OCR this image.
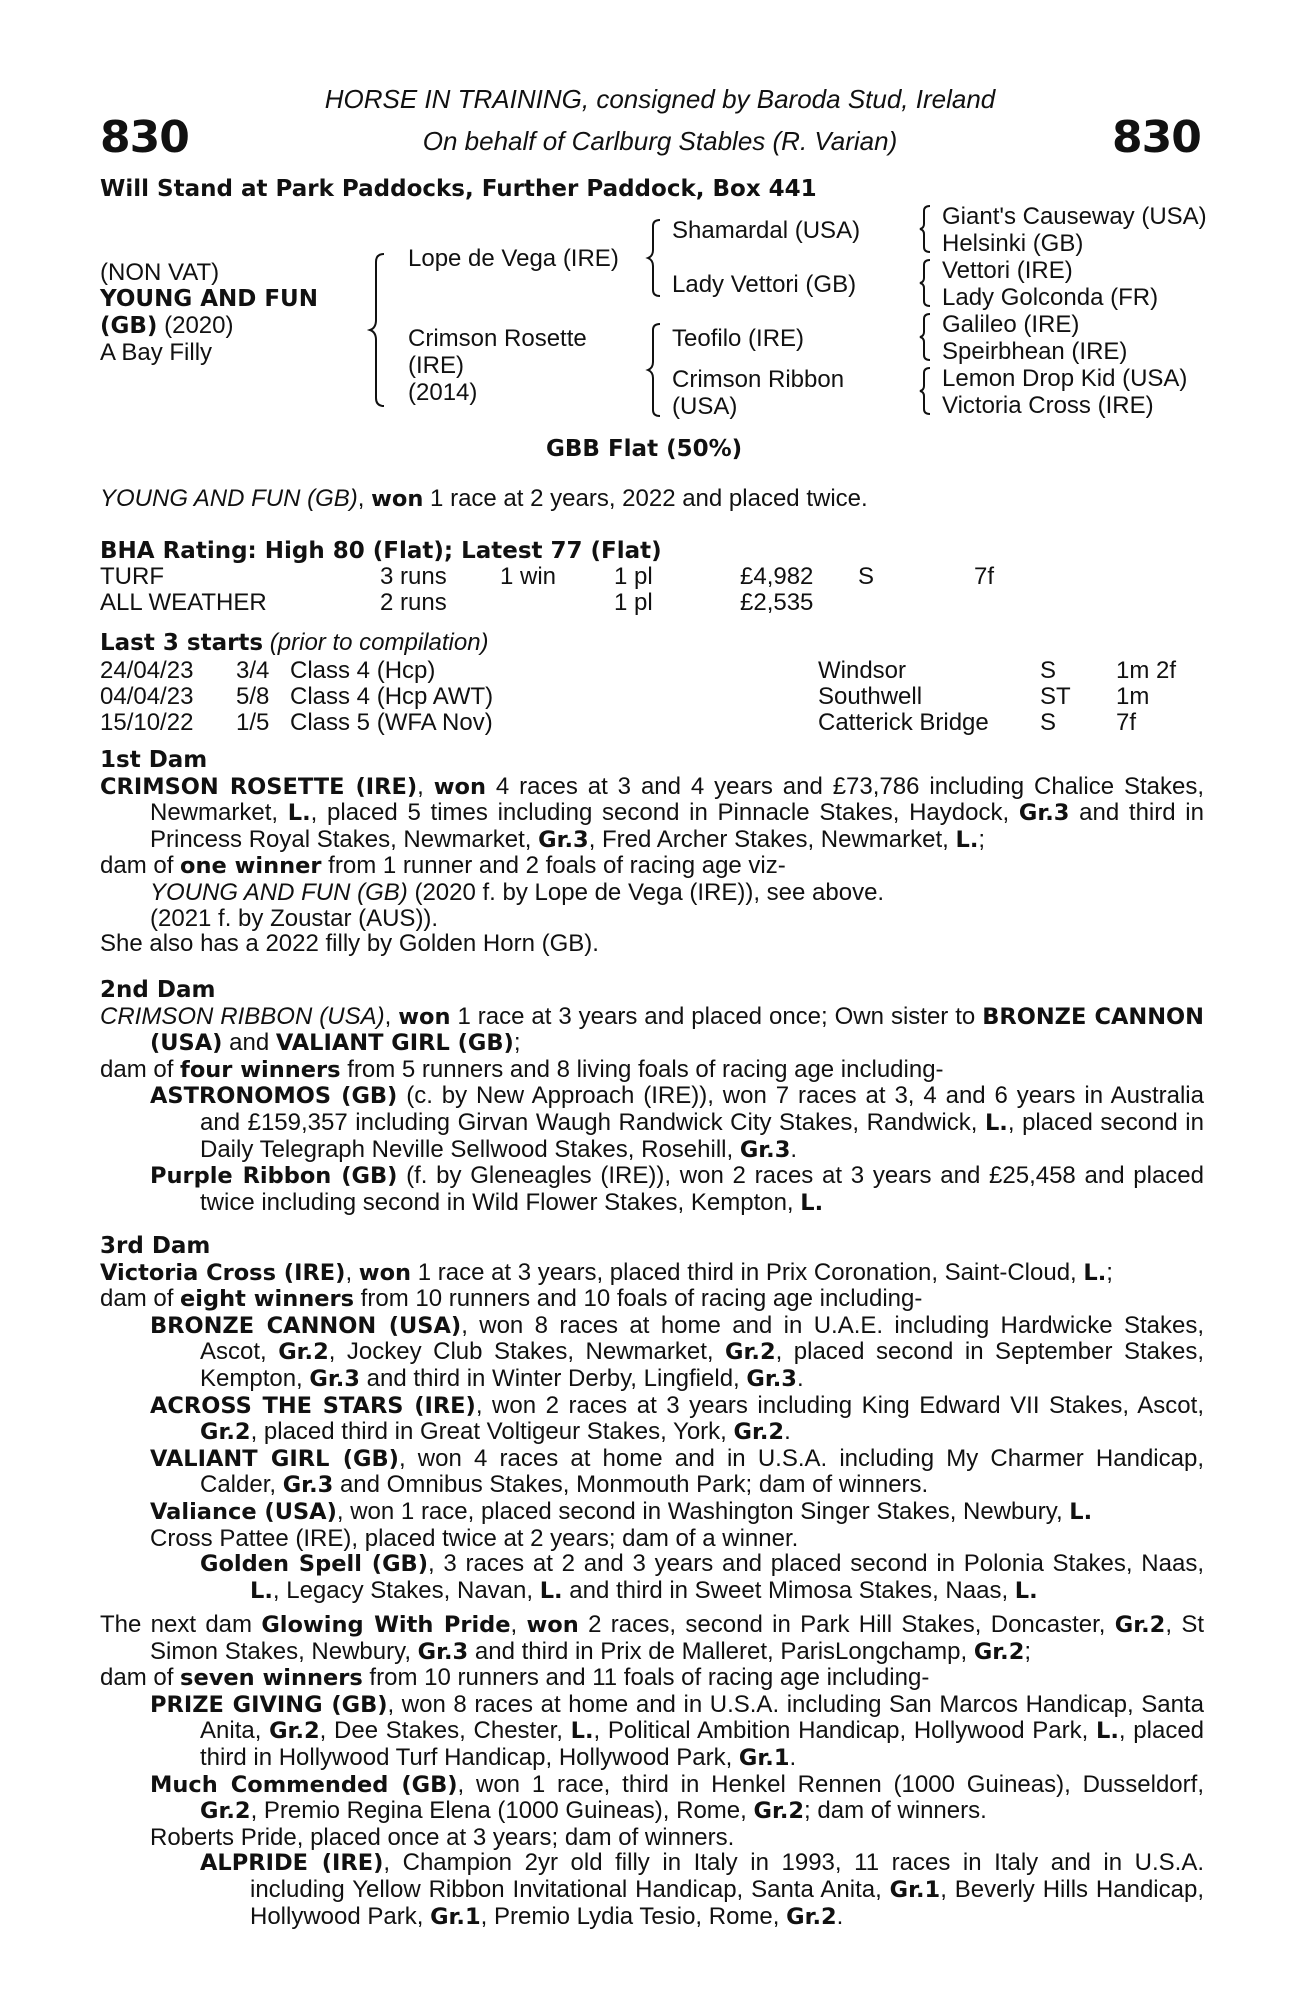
830	830
HORSE IN TRAINING, consigned by Baroda Stud, Ireland
On behalf of Carlburg Stables (R. Varian)
Will Stand at Park Paddocks, Further Paddock, Box 441
(NON VAT)
YOUNG AND FUN
(GB) (2020)
A Bay Filly
Lope de Vega (IRE)
Crimson Rosette
(IRE)
(2014)
Shamardal (USA)
Lady Vettori (GB)
Teofilo (IRE)
Crimson Ribbon
(USA)
Giant's Causeway (USA)
Helsinki (GB)
Vettori (IRE)
Lady Golconda (FR)
Galileo (IRE)
Speirbhean (IRE)
Lemon Drop Kid (USA)
Victoria Cross (IRE)
GBB Flat (50%)
YOUNG AND FUN (GB), won 1 race at 2 years, 2022 and placed twice.
BHA Rating: High 80 (Flat); Latest 77 (Flat)
TURF	3 runs 1 win 1 pl	£4,982 S	7f
ALL WEATHER	2 runs	1 pl	£2,535
Last 3 starts (prior to compilation)
24/04/23 3/4 Class 4 (Hcp)	Windsor	S 1m 2f
04/04/23 5/8 Class 4 (Hcp AWT)	Southwell	ST 1m
15/10/22 1/5 Class 5 (WFA Nov)	Catterick Bridge S 7f
1st Dam
CRIMSON ROSETTE (IRE), won 4 races at 3 and 4 years and £73,786 including Chalice Stakes, Newmarket, L., placed 5 times including second in Pinnacle Stakes, Haydock, Gr.3 and third in Princess Royal Stakes, Newmarket, Gr.3, Fred Archer Stakes, Newmarket, L.;
dam of one winner from 1 runner and 2 foals of racing age viz-
YOUNG AND FUN (GB) (2020 f. by Lope de Vega (IRE)), see above.
(2021 f. by Zoustar (AUS)).
She also has a 2022 filly by Golden Horn (GB).
2nd Dam
CRIMSON RIBBON (USA), won 1 race at 3 years and placed once; Own sister to BRONZE CANNON (USA) and VALIANT GIRL (GB);
dam of four winners from 5 runners and 8 living foals of racing age including-
ASTRONOMOS (GB) (c. by New Approach (IRE)), won 7 races at 3, 4 and 6 years in Australia and £159,357 including Girvan Waugh Randwick City Stakes, Randwick, L., placed second in Daily Telegraph Neville Sellwood Stakes, Rosehill, Gr.3.
Purple Ribbon (GB) (f. by Gleneagles (IRE)), won 2 races at 3 years and £25,458 and placed twice including second in Wild Flower Stakes, Kempton, L.
3rd Dam
Victoria Cross (IRE), won 1 race at 3 years, placed third in Prix Coronation, Saint-Cloud, L.;
dam of eight winners from 10 runners and 10 foals of racing age including-
BRONZE CANNON (USA), won 8 races at home and in U.A.E. including Hardwicke Stakes, Ascot, Gr.2, Jockey Club Stakes, Newmarket, Gr.2, placed second in September Stakes, Kempton, Gr.3 and third in Winter Derby, Lingfield, Gr.3.
ACROSS THE STARS (IRE), won 2 races at 3 years including King Edward VII Stakes, Ascot, Gr.2, placed third in Great Voltigeur Stakes, York, Gr.2.
VALIANT GIRL (GB), won 4 races at home and in U.S.A. including My Charmer Handicap, Calder, Gr.3 and Omnibus Stakes, Monmouth Park; dam of winners.
Valiance (USA), won 1 race, placed second in Washington Singer Stakes, Newbury, L.
Cross Pattee (IRE), placed twice at 2 years; dam of a winner.
Golden Spell (GB), 3 races at 2 and 3 years and placed second in Polonia Stakes, Naas, L., Legacy Stakes, Navan, L. and third in Sweet Mimosa Stakes, Naas, L.
The next dam Glowing With Pride, won 2 races, second in Park Hill Stakes, Doncaster, Gr.2, St Simon Stakes, Newbury, Gr.3 and third in Prix de Malleret, ParisLongchamp, Gr.2;
dam of seven winners from 10 runners and 11 foals of racing age including-
PRIZE GIVING (GB), won 8 races at home and in U.S.A. including San Marcos Handicap, Santa Anita, Gr.2, Dee Stakes, Chester, L., Political Ambition Handicap, Hollywood Park, L., placed third in Hollywood Turf Handicap, Hollywood Park, Gr.1.
Much Commended (GB), won 1 race, third in Henkel Rennen (1000 Guineas), Dusseldorf, Gr.2, Premio Regina Elena (1000 Guineas), Rome, Gr.2; dam of winners.
Roberts Pride, placed once at 3 years; dam of winners.
ALPRIDE (IRE), Champion 2yr old filly in Italy in 1993, 11 races in Italy and in U.S.A. including Yellow Ribbon Invitational Handicap, Santa Anita, Gr.1, Beverly Hills Handicap, Hollywood Park, Gr.1, Premio Lydia Tesio, Rome, Gr.2.
